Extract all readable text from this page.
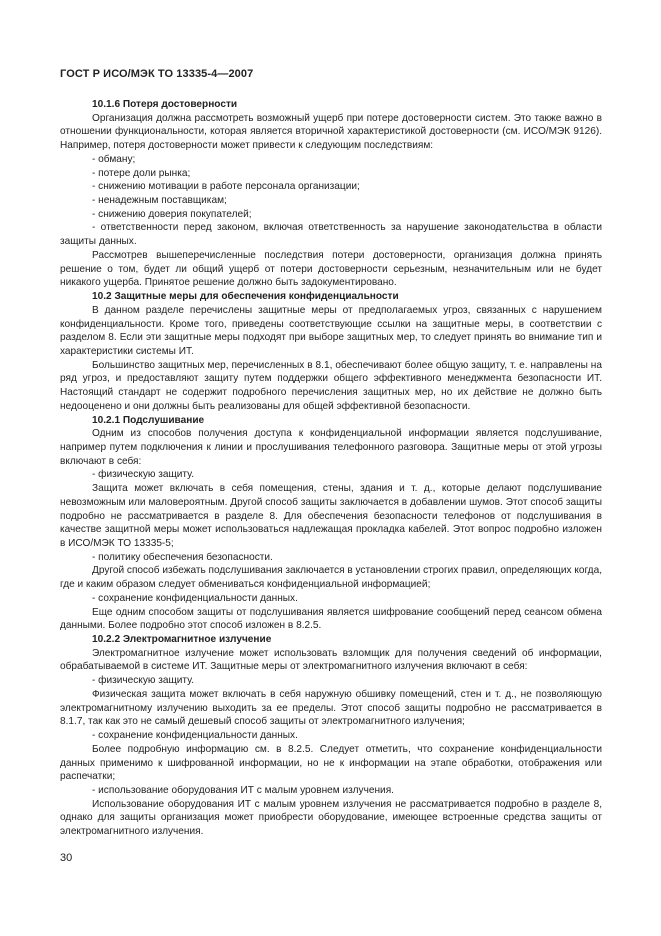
ГОСТ Р ИСО/МЭК ТО 13335-4—2007

10.1.6 Потеря достоверности

Организация должна рассмотреть возможный ущерб при потере достоверности систем. Это также важно в отношении функциональности, которая является вторичной характеристикой достоверности (см. ИСО/МЭК 9126). Например, потеря достоверности может привести к следующим последствиям:

- обману;

- потере доли рынка;

- снижению мотивации в работе персонала организации;

- ненадежным поставщикам;

- снижению доверия покупателей;

- ответственности перед законом, включая ответственность за нарушение законодательства в области защиты данных.

Рассмотрев вышеперечисленные последствия потери достоверности, организация должна принять решение о том, будет ли общий ущерб от потери достоверности серьезным, незначительным или не будет никакого ущерба. Принятое решение должно быть задокументировано.

10.2 Защитные меры для обеспечения конфиденциальности

В данном разделе перечислены защитные меры от предполагаемых угроз, связанных с нарушением конфиденциальности. Кроме того, приведены соответствующие ссылки на защитные меры, в соответствии с разделом 8. Если эти защитные меры подходят при выборе защитных мер, то следует принять во внимание тип и характеристики системы ИТ.

Большинство защитных мер, перечисленных в 8.1, обеспечивают более общую защиту, т. е. направлены на ряд угроз, и предоставляют защиту путем поддержки общего эффективного менеджмента безопасности ИТ. Настоящий стандарт не содержит подробного перечисления защитных мер, но их действие не должно быть недооценено и они должны быть реализованы для общей эффективной безопасности.

10.2.1 Подслушивание

Одним из способов получения доступа к конфиденциальной информации является подслушивание, например путем подключения к линии и прослушивания телефонного разговора. Защитные меры от этой угрозы включают в себя:

- физическую защиту.

Защита может включать в себя помещения, стены, здания и т. д., которые делают подслушивание невозможным или маловероятным. Другой способ защиты заключается в добавлении шумов. Этот способ защиты подробно не рассматривается в разделе 8. Для обеспечения безопасности телефонов от подслушивания в качестве защитной меры может использоваться надлежащая прокладка кабелей. Этот вопрос подробно изложен в ИСО/МЭК ТО 13335-5;

- политику обеспечения безопасности.

Другой способ избежать подслушивания заключается в установлении строгих правил, определяющих когда, где и каким образом следует обмениваться конфиденциальной информацией;

- сохранение конфиденциальности данных.

Еще одним способом защиты от подслушивания является шифрование сообщений перед сеансом обмена данными. Более подробно этот способ изложен в 8.2.5.

10.2.2 Электромагнитное излучение

Электромагнитное излучение может использовать взломщик для получения сведений об информации, обрабатываемой в системе ИТ. Защитные меры от электромагнитного излучения включают в себя:

- физическую защиту.

Физическая защита может включать в себя наружную обшивку помещений, стен и т. д., не позволяющую электромагнитному излучению выходить за ее пределы. Этот способ защиты подробно не рассматривается в 8.1.7, так как это не самый дешевый способ защиты от электромагнитного излучения;

- сохранение конфиденциальности данных.

Более подробную информацию см. в 8.2.5. Следует отметить, что сохранение конфиденциальности данных применимо к шифрованной информации, но не к информации на этапе обработки, отображения или распечатки;

- использование оборудования ИТ с малым уровнем излучения.

Использование оборудования ИТ с малым уровнем излучения не рассматривается подробно в разделе 8, однако для защиты организация может приобрести оборудование, имеющее встроенные средства защиты от электромагнитного излучения.

30
